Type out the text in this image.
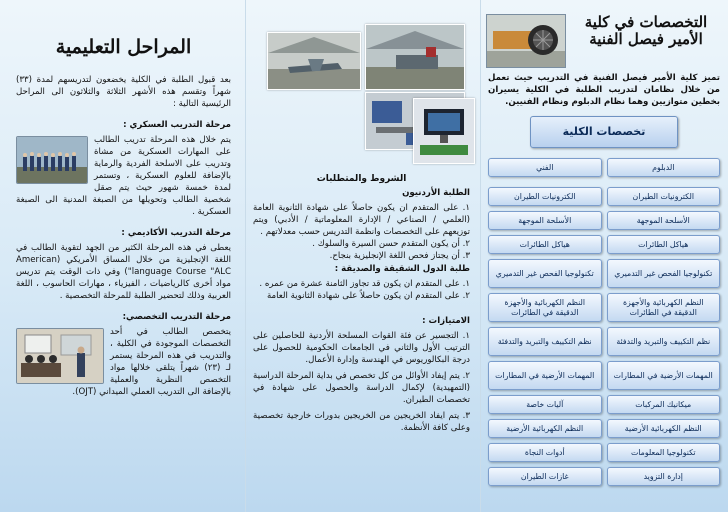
المراحل التعليمية

بعد قبول الطلبة في الكلية يخضعون لتدريسهم لمدة (٣٣) شهراً وتقسم هذه الأشهر الثلاثة والثلاثون الى المراحل الرئيسية التالية :

مرحلة التدريب العسكري :

يتم خلال هذه المرحلة تدريب الطالب على المهارات العسكرية من مشاة وتدريب على الاسلحة الفردية والرماية بالإضافة للعلوم العسكرية ، وتستمر لمدة خمسة شهور حيث يتم صقل شخصية الطالب وتحويلها من الصبغة المدنية الى الصبغة العسكرية .

مرحلة التدريب الأكاديمي :

يعطى في هذه المرحلة الكثير من الجهد لتقوية الطالب في اللغة الإنجليزية من خلال المساق الأمريكي (American language Course "ALC") وفي ذات الوقت يتم تدريس مواد أخرى كالرياضيات ، الفيزياء ، مهارات الحاسوب ، اللغة العربية وذلك لتحضير الطلبة للمرحلة التخصصية .

مرحلة التدريب التخصصي:

يتخصص الطالب في أحد التخصصات الموجودة في الكلية ، والتدريب في هذه المرحلة يستمر لـ (٢٣) شهراً يتلقى خلالها مواد التخصص النظرية والعملية بالإضافة الى التدريب العملي الميداني (OJT).

الشروط والمتطلبات
الطلبة الأردنيون

١. على المتقدم ان يكون حاصلاً على شهادة الثانوية العامة (العلمي / الصناعي / الإدارة المعلوماتية / الأدبي) ويتم توزيعهم على التخصصات وانظمة التدريس حسب معدلاتهم .

٢. أن يكون المتقدم حسن السيرة والسلوك .

٣. أن يجتاز فحص اللغة الإنجليزية بنجاح.

طلبة الدول الشقيقة والصديقة :

١. على المتقدم ان يكون قد تجاوز الثامنة عشرة من عمره .

٢. على المتقدم ان يكون حاصلاً على شهادة الثانوية العامة

الامتيازات :

١. التجسير عن فئة القوات المسلحة الأردنية للحاصلين على الترتيب الأول والثاني في الجامعات الحكومية للحصول على درجة البكالوريوس في الهندسة وإدارة الأعمال.

٢. يتم إيفاد الأوائل من كل تخصص في بداية المرحلة الدراسية (التمهيدية) لإكمال الدراسة والحصول على شهادة في تخصصات الطيران.

٣. يتم ايفاد الخريجين من الخريجين بدورات خارجية تخصصية وعلى كافة الأنظمة.

التخصصات في كلية الأمير فيصل الفنية

تميز كلية الأمير فيصل الفنية في التدريب حيث تعمل من خلال نظامان لتدريب الطلبة في الكلية يسيران بخطين متوازيين وهما نظام الدبلوم ونظام الفنيين.

تخصصات الكلية
الدبلوم
الفني
الكترونيات الطيران
الكترونيات الطيران
الأسلحة الموجهة
الأسلحة الموجهة
هياكل الطائرات
هياكل الطائرات
تكنولوجيا الفحص غير التدميري
تكنولوجيا الفحص غير التدميري
النظم الكهربائية والأجهزة الدقيقة في الطائرات
النظم الكهربائية والأجهزة الدقيقة في الطائرات
نظم التكييف والتبريد والتدفئة
نظم التكييف والتبريد والتدفئة
المهمات الأرضية في المطارات
المهمات الأرضية في المطارات
ميكانيك المركبات
آليات خاصة
النظم الكهربائية الأرضية
النظم الكهربائية الأرضية
تكنولوجيا المعلومات
أدوات النجاة
إدارة التزويد
غازات الطيران
